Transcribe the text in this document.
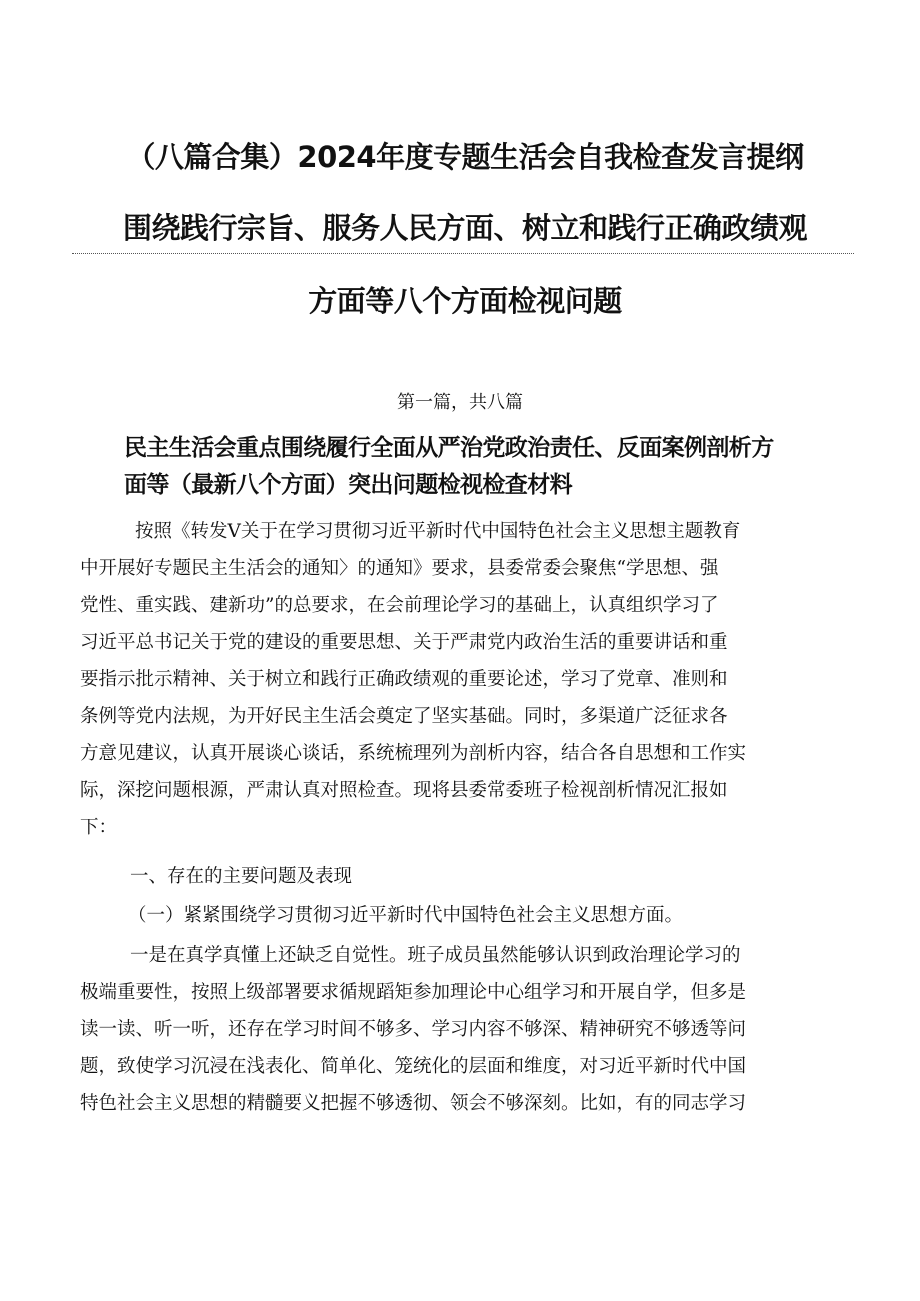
（八篇合集）2024年度专题生活会自我检查发言提纲
围绕践行宗旨、服务人民方面、树立和践行正确政绩观
方面等八个方面检视问题

第一篇，共八篇

民主生活会重点围绕履行全面从严治党政治责任、反面案例剖析方
面等（最新八个方面）突出问题检视检查材料

按照《转发Ⅴ关于在学习贯彻习近平新时代中国特色社会主义思想主题教育

中开展好专题民主生活会的通知〉的通知》要求，县委常委会聚焦“学思想、强

党性、重实践、建新功”的总要求，在会前理论学习的基础上，认真组织学习了

习近平总书记关于党的建设的重要思想、关于严肃党内政治生活的重要讲话和重

要指示批示精神、关于树立和践行正确政绩观的重要论述，学习了党章、准则和

条例等党内法规，为开好民主生活会奠定了坚实基础。同时，多渠道广泛征求各

方意见建议，认真开展谈心谈话，系统梳理列为剖析内容，结合各自思想和工作实

际，深挖问题根源，严肃认真对照检查。现将县委常委班子检视剖析情况汇报如

下：

一、存在的主要问题及表现

（一）紧紧围绕学习贯彻习近平新时代中国特色社会主义思想方面。

一是在真学真懂上还缺乏自觉性。班子成员虽然能够认识到政治理论学习的

极端重要性，按照上级部署要求循规蹈矩参加理论中心组学习和开展自学，但多是

读一读、听一听，还存在学习时间不够多、学习内容不够深、精神研究不够透等问

题，致使学习沉浸在浅表化、简单化、笼统化的层面和维度，对习近平新时代中国

特色社会主义思想的精髓要义把握不够透彻、领会不够深刻。比如，有的同志学习
